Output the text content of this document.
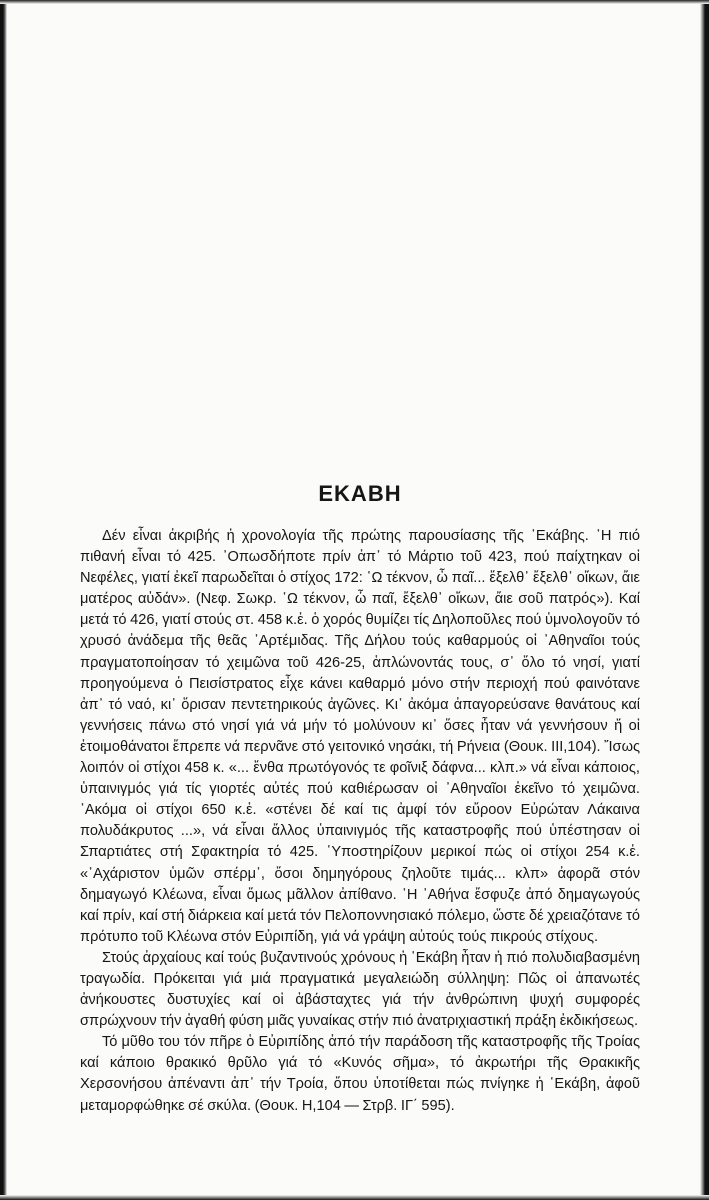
ΕΚΑΒΗ

Δέν εἶναι ἀκριβής ἡ χρονολογία τῆς πρώτης παρουσίασης τῆς ῾Εκάβης. ῾Η πιό πιθανή εἶναι τό 425. ᾽Οπωσδήποτε πρίν ἀπ᾽ τό Μάρτιο τοῦ 423, πού παίχτηκαν οἱ Νεφέλες, γιατί ἐκεῖ παρωδεῖται ὁ στίχος 172: ῾Ω τέκνον, ὦ παῖ... ἔξελθ᾽ ἔξελθ᾽ οἴκων, ἄιε ματέρος αὐδάν». (Νεφ. Σωκρ. ῾Ω τέκνον, ὦ παῖ, ἔξελθ᾽ οἴκων, ἄιε σοῦ πατρός»). Καί μετά τό 426, γιατί στούς στ. 458 κ.ἑ. ὁ χορός θυμίζει τίς Δηλοποῦλες πού ὑμνολογοῦν τό χρυσό ἀνάδεμα τῆς θεᾶς ᾽Αρτέμιδας. Τῆς Δήλου τούς καθαρμούς οἱ ᾽Αθηναῖοι τούς πραγματοποίησαν τό χειμῶνα τοῦ 426-25, ἁπλώνοντάς τους, σ᾽ ὅλο τό νησί, γιατί προηγούμενα ὁ Πεισίστρατος εἶχε κάνει καθαρμό μόνο στήν περιοχή πού φαινότανε ἀπ᾽ τό ναό, κι᾽ ὅρισαν πεντετηρικούς ἀγῶνες. Κι᾽ ἀκόμα ἀπαγορεύσανε θανάτους καί γεννήσεις πάνω στό νησί γιά νά μήν τό μολύνουν κι᾽ ὅσες ἦταν νά γεννήσουν ἤ οἱ ἑτοιμοθάνατοι ἔπρεπε νά περνᾶνε στό γειτονικό νησάκι, τή Ρήνεια (Θουκ. ΙΙΙ,104). Ἴσως λοιπόν οἱ στίχοι 458 κ. «... ἔνθα πρωτόγονός τε φοῖνιξ δάφνα... κλπ.» νά εἶναι κάποιος, ὑπαινιγμός γιά τίς γιορτές αὐτές πού καθιέρωσαν οἱ ᾽Αθηναῖοι ἐκεῖνο τό χειμῶνα. ᾽Ακόμα οἱ στίχοι 650 κ.ἑ. «στένει δέ καί τις ἀμφί τόν εὔροον Εὐρώταν Λάκαινα πολυδάκρυτος ...», νά εἶναι ἄλλος ὑπαινιγμός τῆς καταστροφῆς πού ὑπέστησαν οἱ Σπαρτιάτες στή Σφακτηρία τό 425. ῾Υποστηρίζουν μερικοί πώς οἱ στίχοι 254 κ.ἑ. «᾽Αχάριστον ὑμῶν σπέρμ᾽, ὅσοι δημηγόρους ζηλοῦτε τιμάς... κλπ» ἀφορᾶ στόν δημαγωγό Κλέωνα, εἶναι ὅμως μᾶλλον ἀπίθανο. ῾Η ᾽Αθήνα ἔσφυζε ἀπό δημαγωγούς καί πρίν, καί στή διάρκεια καί μετά τόν Πελοποννησιακό πόλεμο, ὥστε δέ χρειαζότανε τό πρότυπο τοῦ Κλέωνα στόν Εὐριπίδη, γιά νά γράψη αὐτούς τούς πικρούς στίχους.

Στούς ἀρχαίους καί τούς βυζαντινούς χρόνους ἡ ῾Εκάβη ἦταν ἡ πιό πολυδιαβασμένη τραγωδία. Πρόκειται γιά μιά πραγματικά μεγαλειώδη σύλληψη: Πῶς οἱ ἀπανωτές ἀνήκουστες δυστυχίες καί οἱ ἀβάσταχτες γιά τήν ἀνθρώπινη ψυχή συμφορές σπρώχνουν τήν ἀγαθή φύση μιᾶς γυναίκας στήν πιό ἀνατριχιαστική πράξη ἐκδικήσεως.

Τό μῦθο του τόν πῆρε ὁ Εὐριπίδης ἀπό τήν παράδοση τῆς καταστροφῆς τῆς Τροίας καί κάποιο θρακικό θρῦλο γιά τό «Κυνός σῆμα», τό ἀκρωτήρι τῆς Θρακικῆς Χερσονήσου ἀπέναντι ἀπ᾽ τήν Τροία, ὅπου ὑποτίθεται πώς πνίγηκε ἡ ῾Εκάβη, ἀφοῦ μεταμορφώθηκε σέ σκύλα. (Θουκ. Η,104 — Στρβ. ΙΓ΄ 595).
